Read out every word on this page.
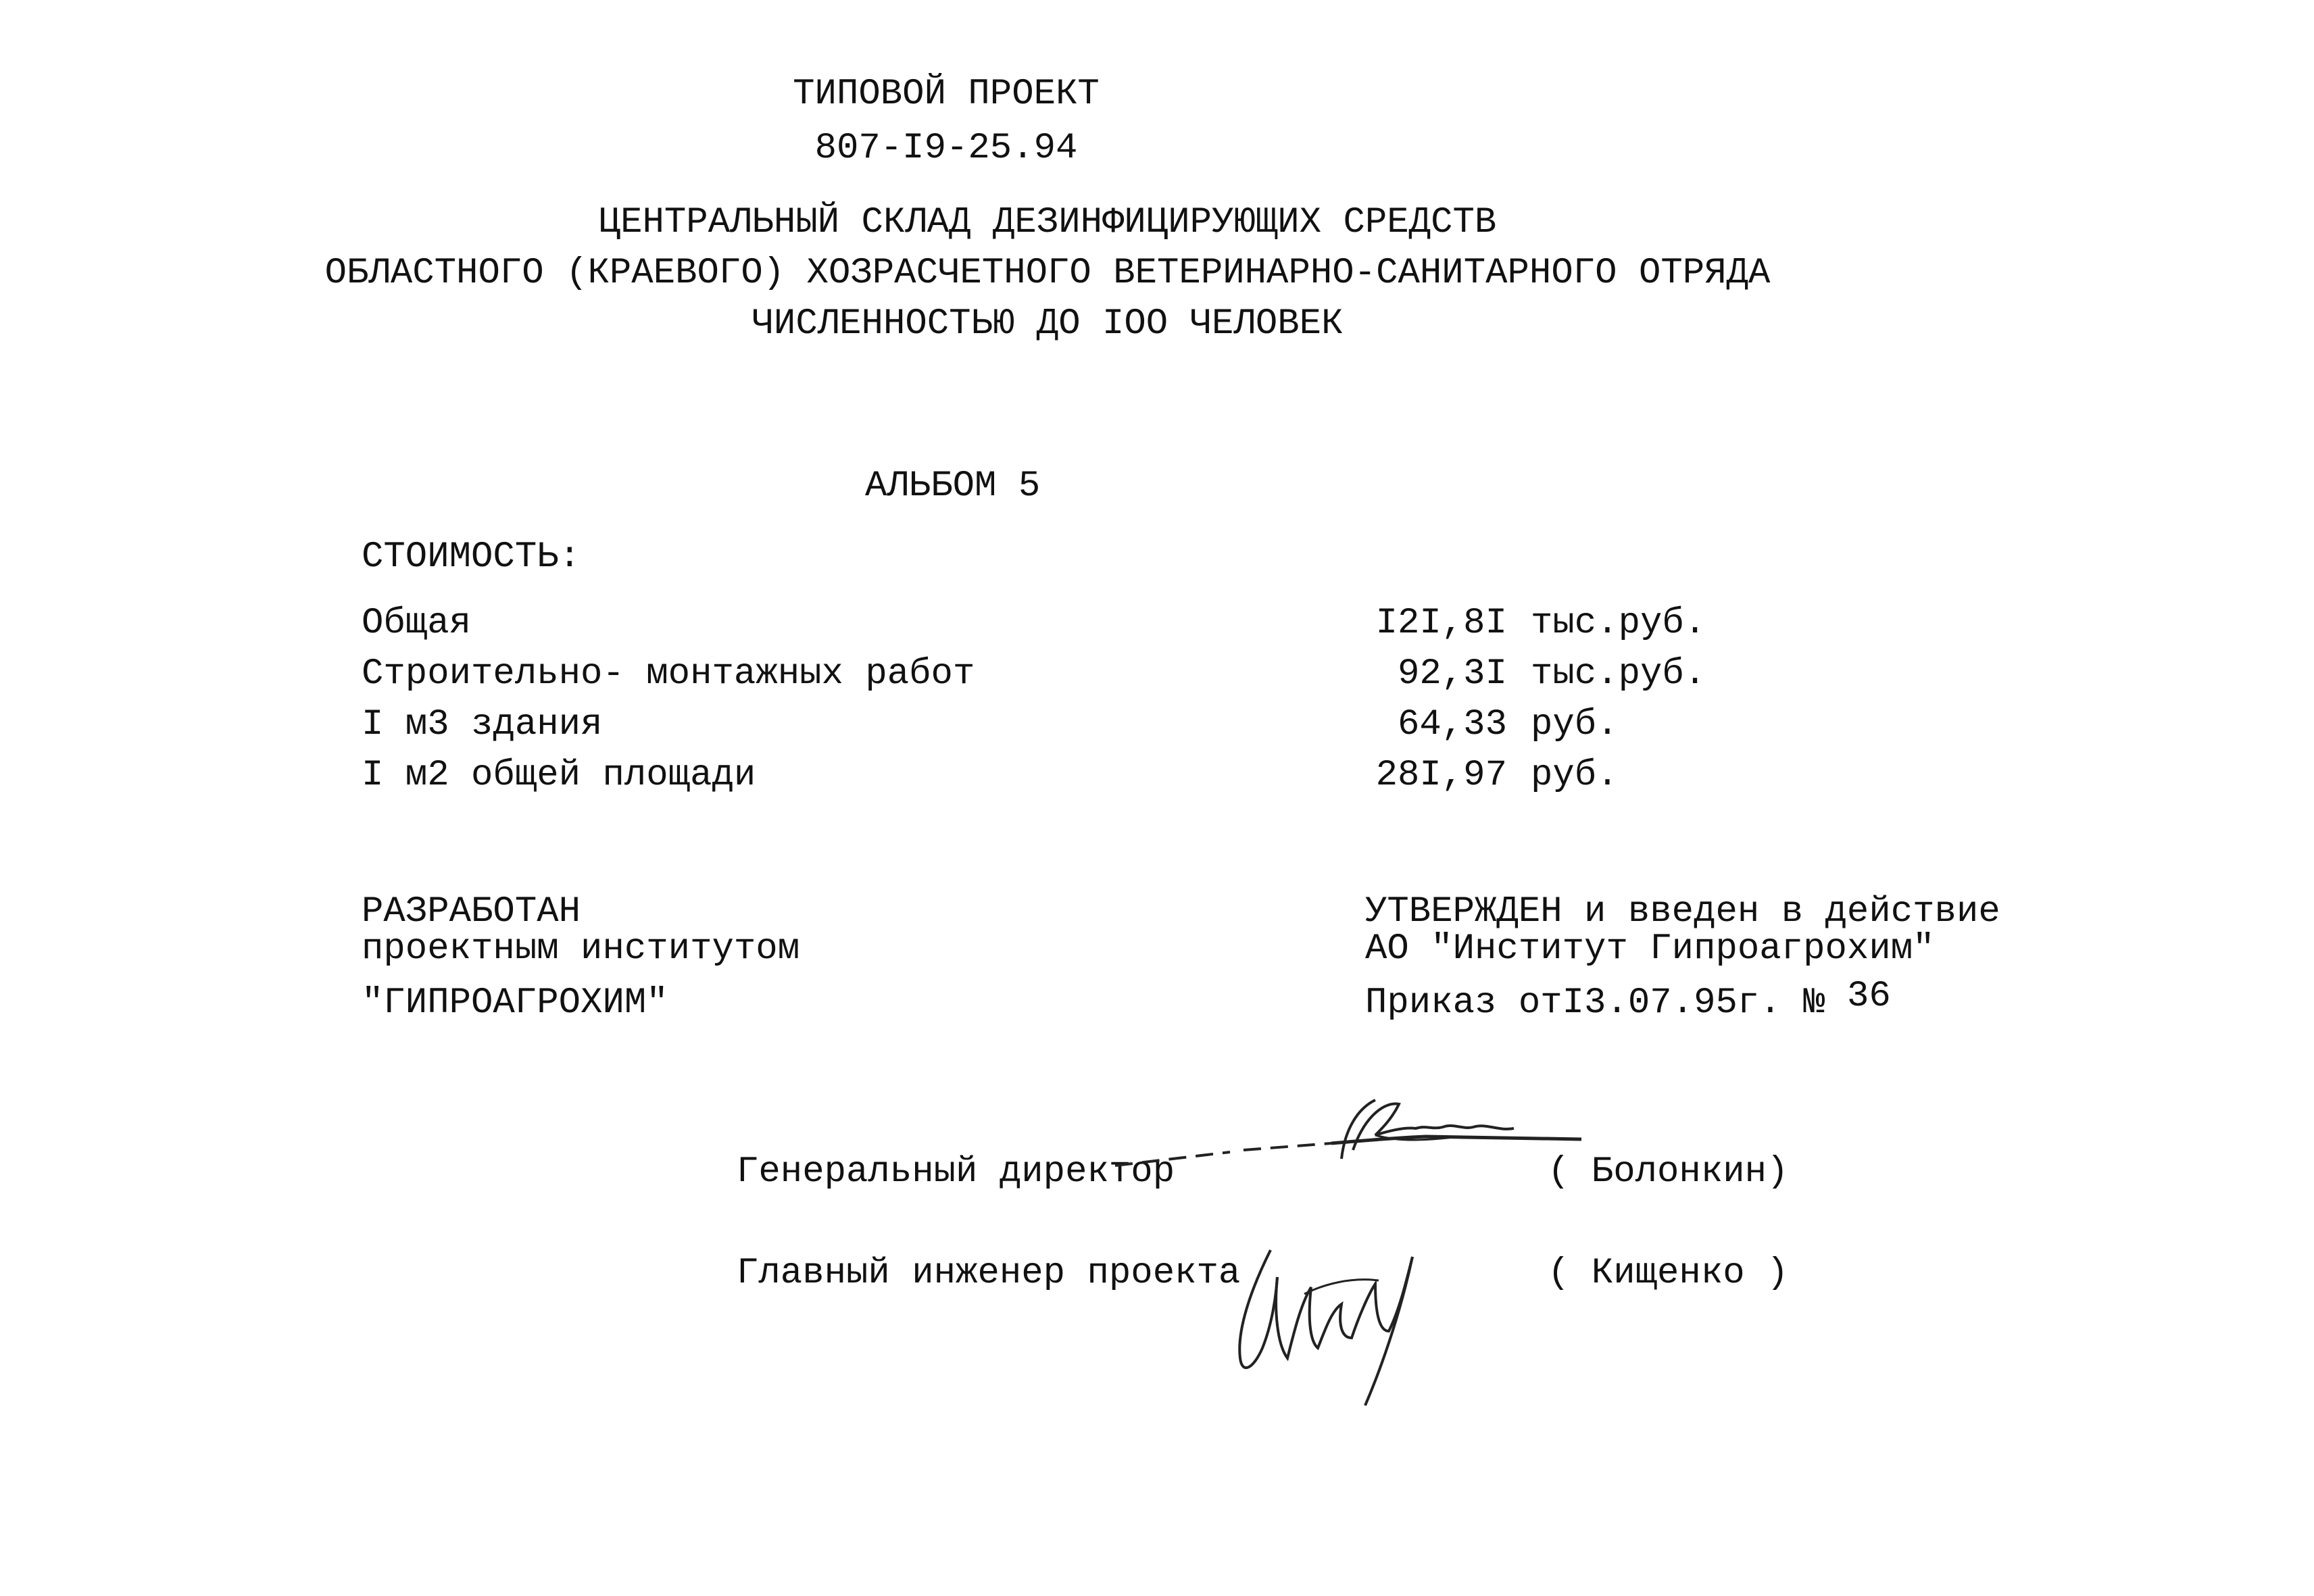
ТИПОВОЙ ПРОЕКТ
807-I9-25.94
ЦЕНТРАЛЬНЫЙ СКЛАД ДЕЗИНФИЦИРУЮЩИХ СРЕДСТВ
ОБЛАСТНОГО (КРАЕВОГО) ХОЗРАСЧЕТНОГО ВЕТЕРИНАРНО-САНИТАРНОГО ОТРЯДА
ЧИСЛЕННОСТЬЮ ДО IOO ЧЕЛОВЕК
АЛЬБОМ 5
СТОИМОСТЬ:
Общая	I2I,8I тыс.руб.
Строительно- монтажных работ	92,3I тыс.руб.
I м3 здания	64,33 руб.
I м2 общей площади	28I,97 руб.
РАЗРАБОТАН
проектным институтом
"ГИПРОАГРОХИМ"
УТВЕРЖДЕН и введен в действие
АО "Институт Гипроагрохим"
Приказ отI3.07.95г. № 36
Генеральный директор	( Болонкин)
Главный инженер проекта	( Кищенко )
